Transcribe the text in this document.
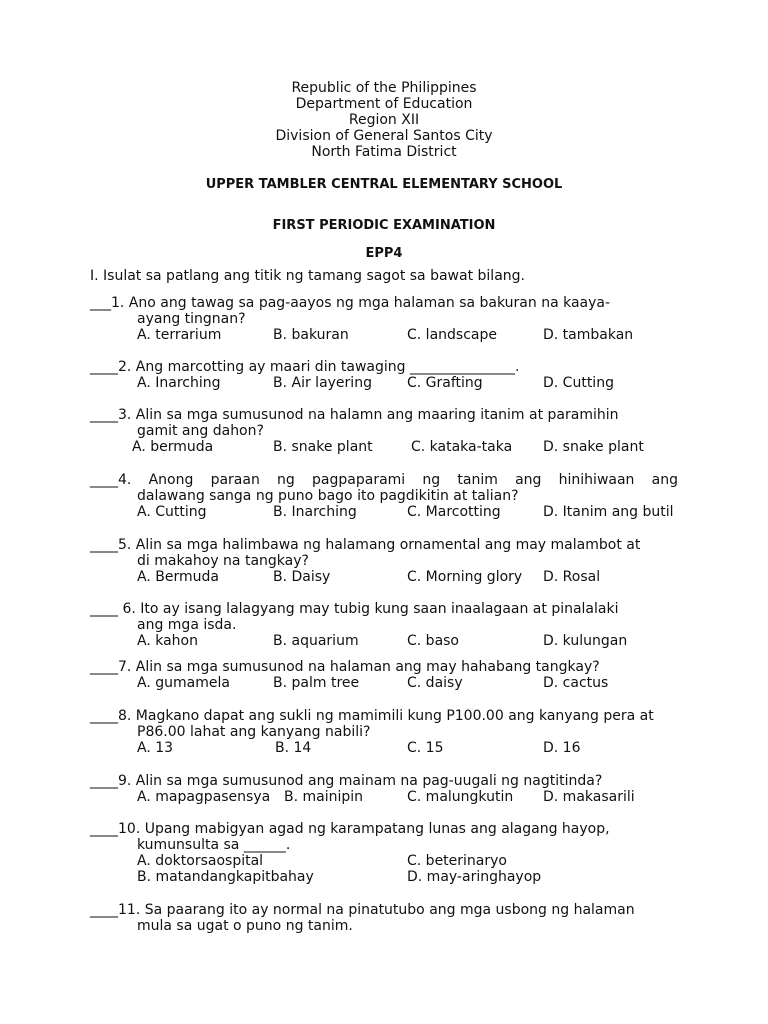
Republic of the Philippines
Department of Education
Region XII
Division of General Santos City
North Fatima District
UPPER TAMBLER CENTRAL ELEMENTARY SCHOOL
FIRST PERIODIC EXAMINATION
EPP4
I. Isulat sa patlang ang titik ng tamang sagot sa bawat bilang.
___1. Ano ang tawag sa pag-aayos ng mga halaman sa bakuran na kaaya-
ayang tingnan?
A. terrarium	B. bakuran	C. landscape	D. tambakan
____2. Ang marcotting ay maari din tawaging _______________.
A. Inarching	B. Air layering	C. Grafting	D. Cutting
____3. Alin sa mga sumusunod na halamn ang maaring itanim at paramihin
gamit ang dahon?
A. bermuda	B. snake plant	C. kataka-taka D. snake plant
____4. Anong paraan ng pagpaparami ng tanim ang hinihiwaan ang
dalawang sanga ng puno bago ito pagdikitin at talian?
A. Cutting	B. Inarching	C. Marcotting	D. Itanim ang butil
____5. Alin sa mga halimbawa ng halamang ornamental ang may malambot at
di makahoy na tangkay?
A. Bermuda	B. Daisy	C. Morning glory D. Rosal
____ 6. Ito ay isang lalagyang may tubig kung saan inaalagaan at pinalalaki
ang mga isda.
A. kahon	B. aquarium	C. baso	D. kulungan
____7. Alin sa mga sumusunod na halaman ang may hahabang tangkay?
A. gumamela	B. palm tree	C. daisy	D. cactus
____8. Magkano dapat ang sukli ng mamimili kung P100.00 ang kanyang pera at
P86.00 lahat ang kanyang nabili?
A. 13	B. 14	C. 15	D. 16
____9. Alin sa mga sumusunod ang mainam na pag-uugali ng nagtitinda?
A. mapagpasensya B. mainipin	C. malungkutin D. makasarili
____10. Upang mabigyan agad ng karampatang lunas ang alagang hayop,
kumunsulta sa ______.
A. doktorsaospital	C. beterinaryo
B. matandangkapitbahay	D. may-aringhayop
____11. Sa paarang ito ay normal na pinatutubo ang mga usbong ng halaman
mula sa ugat o puno ng tanim.
